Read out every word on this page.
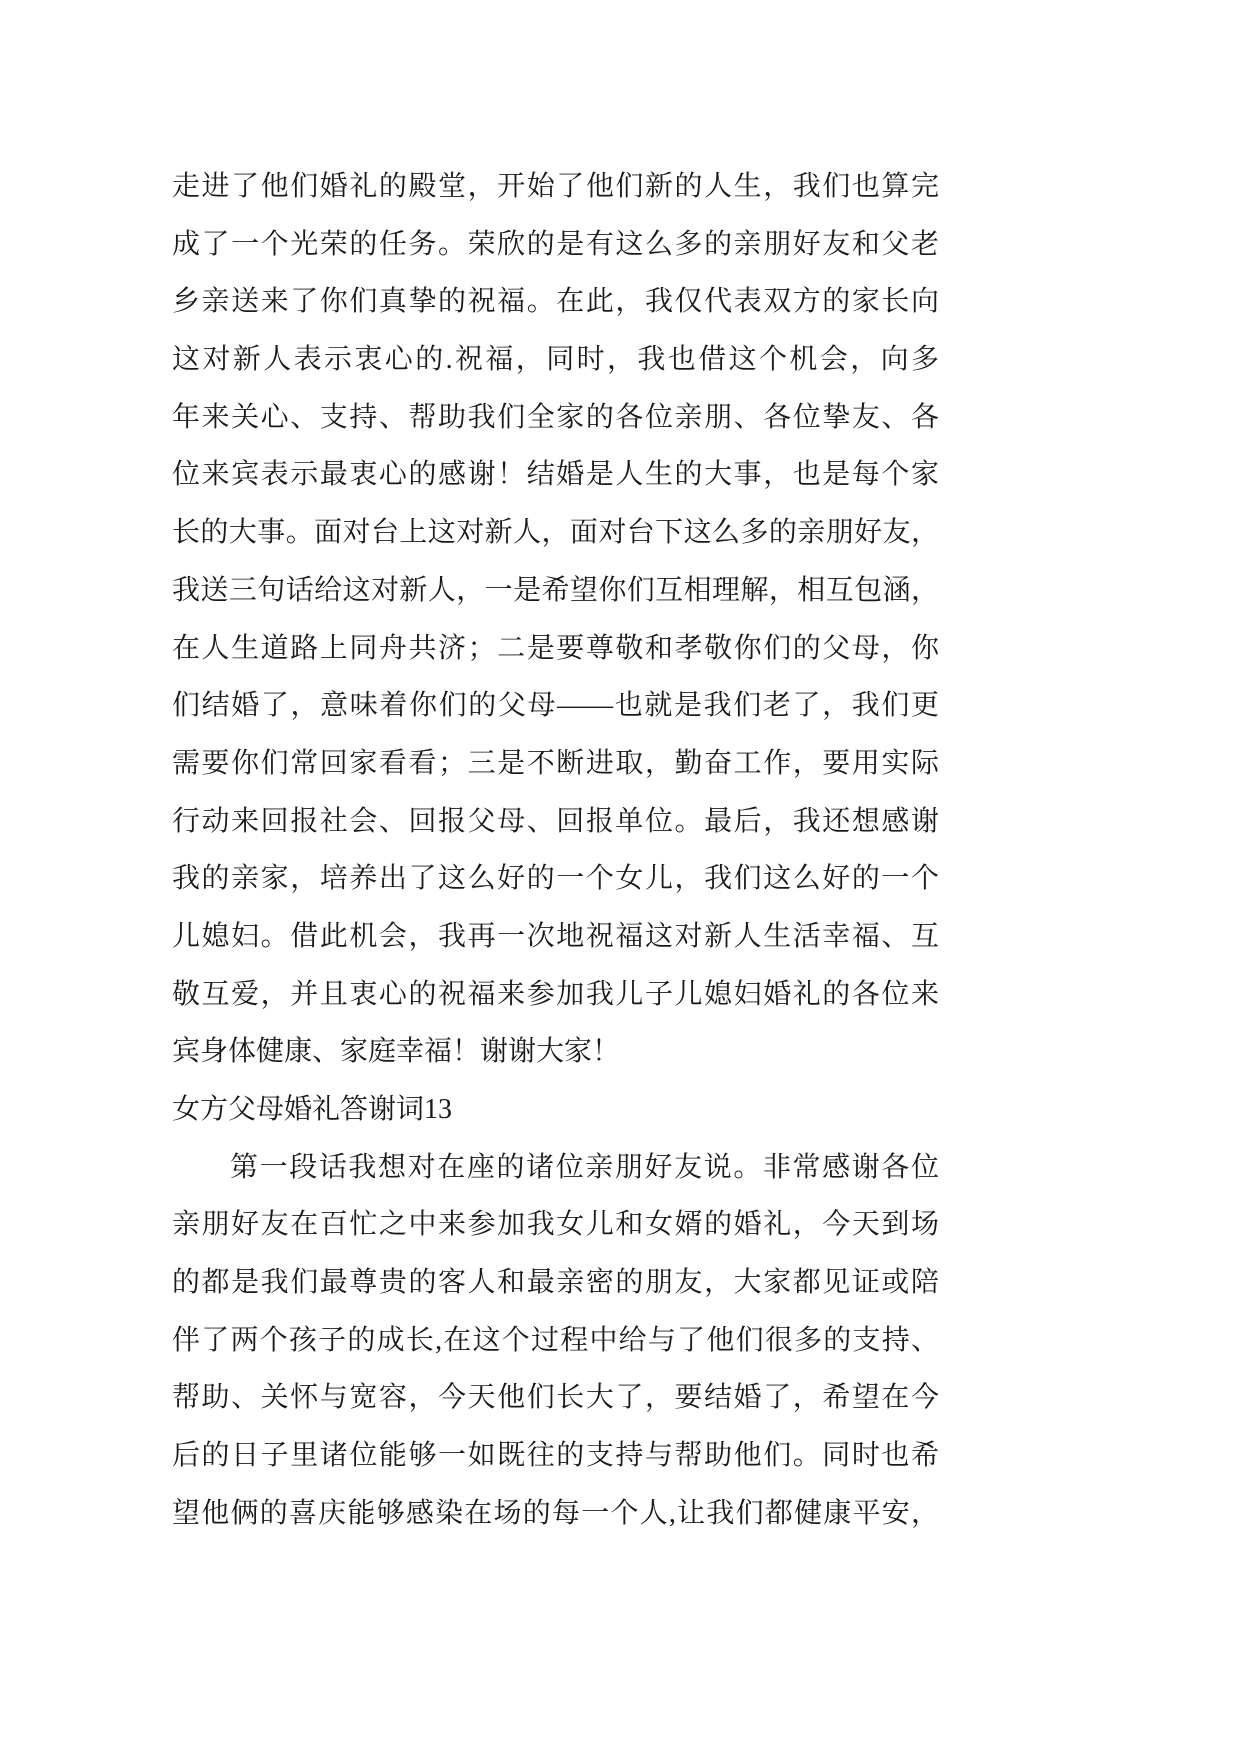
走进了他们婚礼的殿堂，开始了他们新的人生，我们也算完
成了一个光荣的任务。荣欣的是有这么多的亲朋好友和父老
乡亲送来了你们真挚的祝福。在此，我仅代表双方的家长向
这对新人表示衷心的.祝福，同时，我也借这个机会，向多
年来关心、支持、帮助我们全家的各位亲朋、各位挚友、各
位来宾表示最衷心的感谢！结婚是人生的大事，也是每个家
长的大事。面对台上这对新人，面对台下这么多的亲朋好友，
我送三句话给这对新人，一是希望你们互相理解，相互包涵，
在人生道路上同舟共济；二是要尊敬和孝敬你们的父母，你
们结婚了，意味着你们的父母——也就是我们老了，我们更
需要你们常回家看看；三是不断进取，勤奋工作，要用实际
行动来回报社会、回报父母、回报单位。最后，我还想感谢
我的亲家，培养出了这么好的一个女儿，我们这么好的一个
儿媳妇。借此机会，我再一次地祝福这对新人生活幸福、互
敬互爱，并且衷心的祝福来参加我儿子儿媳妇婚礼的各位来
宾身体健康、家庭幸福！谢谢大家！
女方父母婚礼答谢词13
第一段话我想对在座的诸位亲朋好友说。非常感谢各位
亲朋好友在百忙之中来参加我女儿和女婿的婚礼，今天到场
的都是我们最尊贵的客人和最亲密的朋友，大家都见证或陪
伴了两个孩子的成长,在这个过程中给与了他们很多的支持、
帮助、关怀与宽容，今天他们长大了，要结婚了，希望在今
后的日子里诸位能够一如既往的支持与帮助他们。同时也希
望他俩的喜庆能够感染在场的每一个人,让我们都健康平安，
